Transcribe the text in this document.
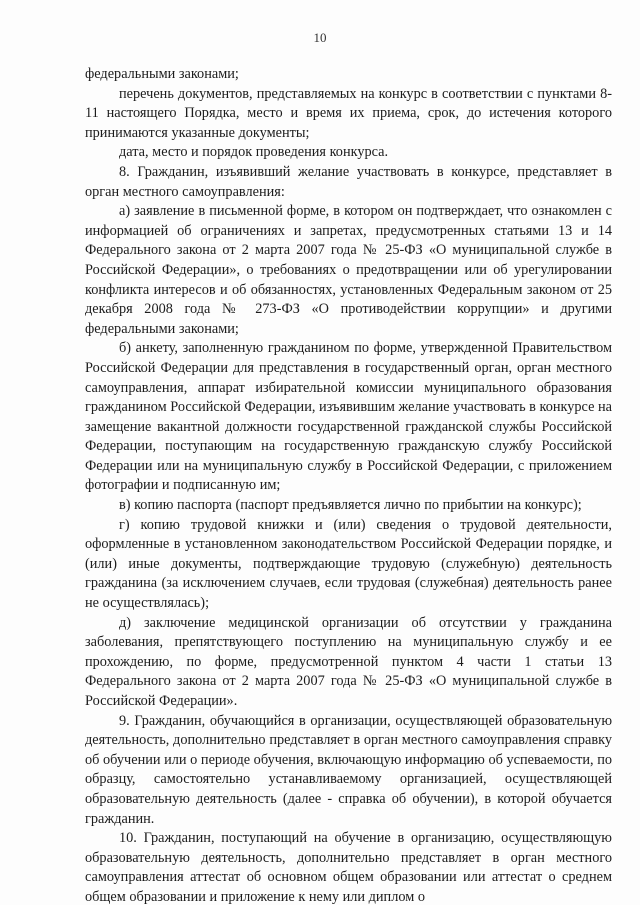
10

федеральными законами;

перечень документов, представляемых на конкурс в соответствии с пунктами 8-11 настоящего Порядка, место и время их приема, срок, до истечения которого принимаются указанные документы;

дата, место и порядок проведения конкурса.

8. Гражданин, изъявивший желание участвовать в конкурсе, представляет в орган местного самоуправления:

а) заявление в письменной форме, в котором он подтверждает, что ознакомлен с информацией об ограничениях и запретах, предусмотренных статьями 13 и 14 Федерального закона от 2 марта 2007 года № 25-ФЗ «О муниципальной службе в Российской Федерации», о требованиях о предотвращении или об урегулировании конфликта интересов и об обязанностях, установленных Федеральным законом от 25 декабря 2008 года № 273-ФЗ «О противодействии коррупции» и другими федеральными законами;

б) анкету, заполненную гражданином по форме, утвержденной Правительством Российской Федерации для представления в государственный орган, орган местного самоуправления, аппарат избирательной комиссии муниципального образования гражданином Российской Федерации, изъявившим желание участвовать в конкурсе на замещение вакантной должности государственной гражданской службы Российской Федерации, поступающим на государственную гражданскую службу Российской Федерации или на муниципальную службу в Российской Федерации, с приложением фотографии и подписанную им;

в) копию паспорта (паспорт предъявляется лично по прибытии на конкурс);

г) копию трудовой книжки и (или) сведения о трудовой деятельности, оформленные в установленном законодательством Российской Федерации порядке, и (или) иные документы, подтверждающие трудовую (служебную) деятельность гражданина (за исключением случаев, если трудовая (служебная) деятельность ранее не осуществлялась);

д) заключение медицинской организации об отсутствии у гражданина заболевания, препятствующего поступлению на муниципальную службу и ее прохождению, по форме, предусмотренной пунктом 4 части 1 статьи 13 Федерального закона от 2 марта 2007 года № 25-ФЗ «О муниципальной службе в Российской Федерации».

9. Гражданин, обучающийся в организации, осуществляющей образовательную деятельность, дополнительно представляет в орган местного самоуправления справку об обучении или о периоде обучения, включающую информацию об успеваемости, по образцу, самостоятельно устанавливаемому организацией, осуществляющей образовательную деятельность (далее - справка об обучении), в которой обучается гражданин.

10. Гражданин, поступающий на обучение в организацию, осуществляющую образовательную деятельность, дополнительно представляет в орган местного самоуправления аттестат об основном общем образовании или аттестат о среднем общем образовании и приложение к нему или диплом о
